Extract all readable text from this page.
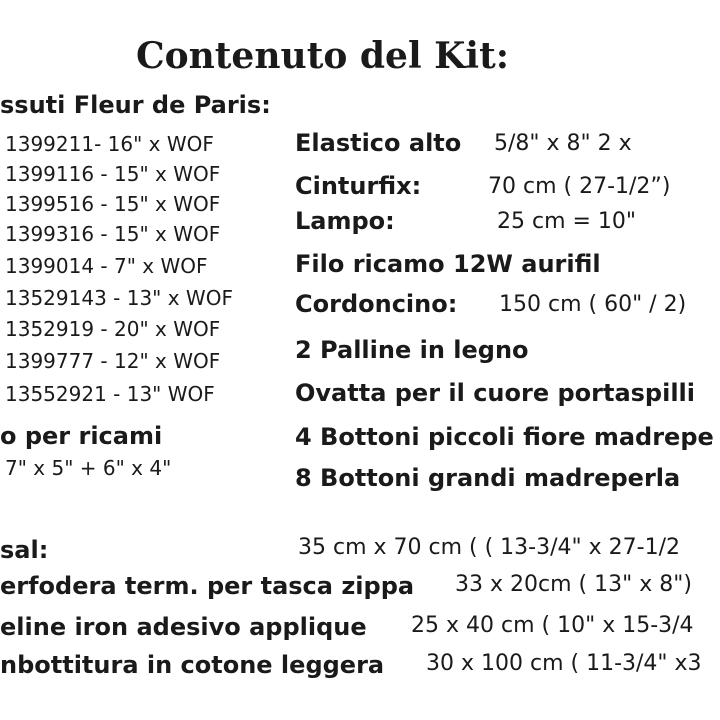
Contenuto del Kit:
ssuti Fleur de Paris:
1399211- 16" x WOF
1399116 - 15" x WOF
1399516 - 15" x WOF
1399316 - 15" x WOF
1399014 - 7" x WOF
13529143 - 13" x WOF
1352919 - 20" x WOF
1399777 - 12" x WOF
13552921 - 13" WOF
o per ricami
7" x 5" + 6" x 4"
Elastico alto 5/8" x 8" 2 x
Cinturfix:	70 cm ( 27-1/2”)
Lampo:	25 cm = 10"
Filo ricamo 12W aurifil
Cordoncino: 150 cm ( 60" / 2)
2 Palline in legno
Ovatta per il cuore portaspilli
4 Bottoni piccoli fiore madrepe
8 Bottoni grandi madreperla
sal:	35 cm x 70 cm ( ( 13-3/4" x 27-1/2
erfodera term. per tasca zippa 33 x 20cm ( 13" x 8")
eline iron adesivo applique 25 x 40 cm ( 10" x 15-3/4
nbottitura in cotone leggera 30 x 100 cm ( 11-3/4" x3
